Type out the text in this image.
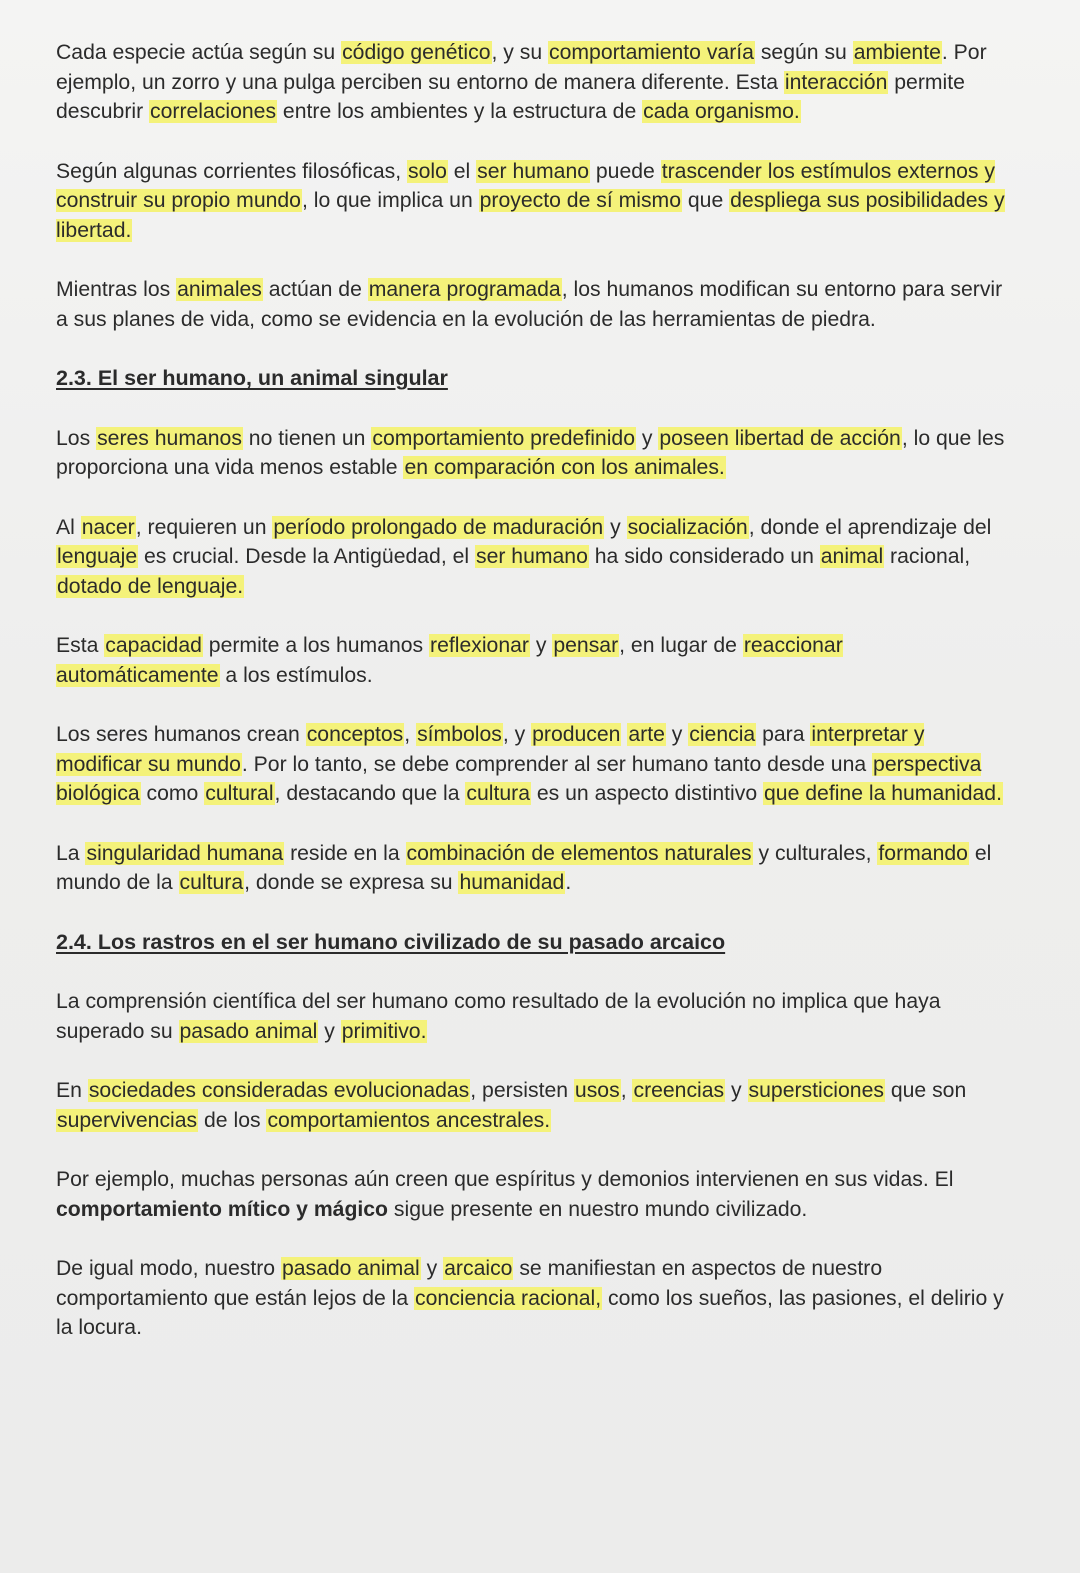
Cada especie actúa según su código genético, y su comportamiento varía según su ambiente. Por ejemplo, un zorro y una pulga perciben su entorno de manera diferente. Esta interacción permite descubrir correlaciones entre los ambientes y la estructura de cada organismo.

Según algunas corrientes filosóficas, solo el ser humano puede trascender los estímulos externos y construir su propio mundo, lo que implica un proyecto de sí mismo que despliega sus posibilidades y libertad.

Mientras los animales actúan de manera programada, los humanos modifican su entorno para servir a sus planes de vida, como se evidencia en la evolución de las herramientas de piedra.

2.3. El ser humano, un animal singular

Los seres humanos no tienen un comportamiento predefinido y poseen libertad de acción, lo que les proporciona una vida menos estable en comparación con los animales.

Al nacer, requieren un período prolongado de maduración y socialización, donde el aprendizaje del lenguaje es crucial. Desde la Antigüedad, el ser humano ha sido considerado un animal racional, dotado de lenguaje.

Esta capacidad permite a los humanos reflexionar y pensar, en lugar de reaccionar automáticamente a los estímulos.

Los seres humanos crean conceptos, símbolos, y producen arte y ciencia para interpretar y modificar su mundo. Por lo tanto, se debe comprender al ser humano tanto desde una perspectiva biológica como cultural, destacando que la cultura es un aspecto distintivo que define la humanidad.

La singularidad humana reside en la combinación de elementos naturales y culturales, formando el mundo de la cultura, donde se expresa su humanidad.

2.4. Los rastros en el ser humano civilizado de su pasado arcaico

La comprensión científica del ser humano como resultado de la evolución no implica que haya superado su pasado animal y primitivo.

En sociedades consideradas evolucionadas, persisten usos, creencias y supersticiones que son supervivencias de los comportamientos ancestrales.

Por ejemplo, muchas personas aún creen que espíritus y demonios intervienen en sus vidas. El comportamiento mítico y mágico sigue presente en nuestro mundo civilizado.

De igual modo, nuestro pasado animal y arcaico se manifiestan en aspectos de nuestro comportamiento que están lejos de la conciencia racional, como los sueños, las pasiones, el delirio y la locura.
